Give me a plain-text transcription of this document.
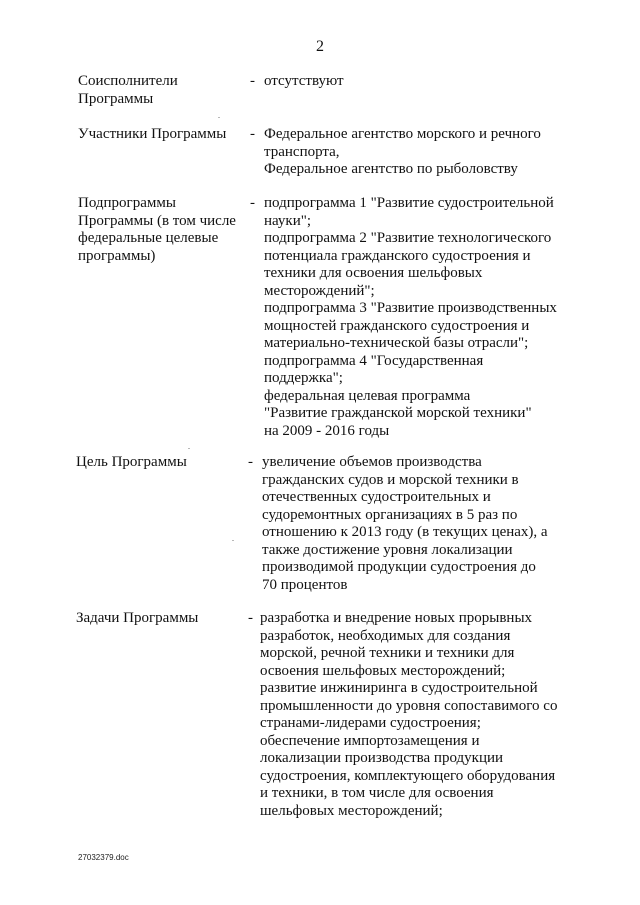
2
Соисполнители
Программы
- отсутствуют
Участники Программы	- Федеральное агентство морского и речного
транспорта,
Федеральное агентство по рыболовству
Подпрограммы
Программы (в том числе
федеральные целевые
программы)
- подпрограмма 1 "Развитие судостроительной
науки";
подпрограмма 2 "Развитие технологического
потенциала гражданского судостроения и
техники для освоения шельфовых
месторождений";
подпрограмма 3 "Развитие производственных
мощностей гражданского судостроения и
материально-технической базы отрасли";
подпрограмма 4 "Государственная
поддержка";
федеральная целевая программа
"Развитие гражданской морской техники"
на 2009 - 2016 годы
Цель Программы	- увеличение объемов производства
гражданских судов и морской техники в
отечественных судостроительных и
судоремонтных организациях в 5 раз по
отношению к 2013 году (в текущих ценах), а
также достижение уровня локализации
производимой продукции судостроения до
70 процентов
Задачи Программы	- разработка и внедрение новых прорывных
разработок, необходимых для создания
морской, речной техники и техники для
освоения шельфовых месторождений;
развитие инжиниринга в судостроительной
промышленности до уровня сопоставимого со
странами-лидерами судостроения;
обеспечение импортозамещения и
локализации производства продукции
судостроения, комплектующего оборудования
и техники, в том числе для освоения
шельфовых месторождений;
27032379.doc
